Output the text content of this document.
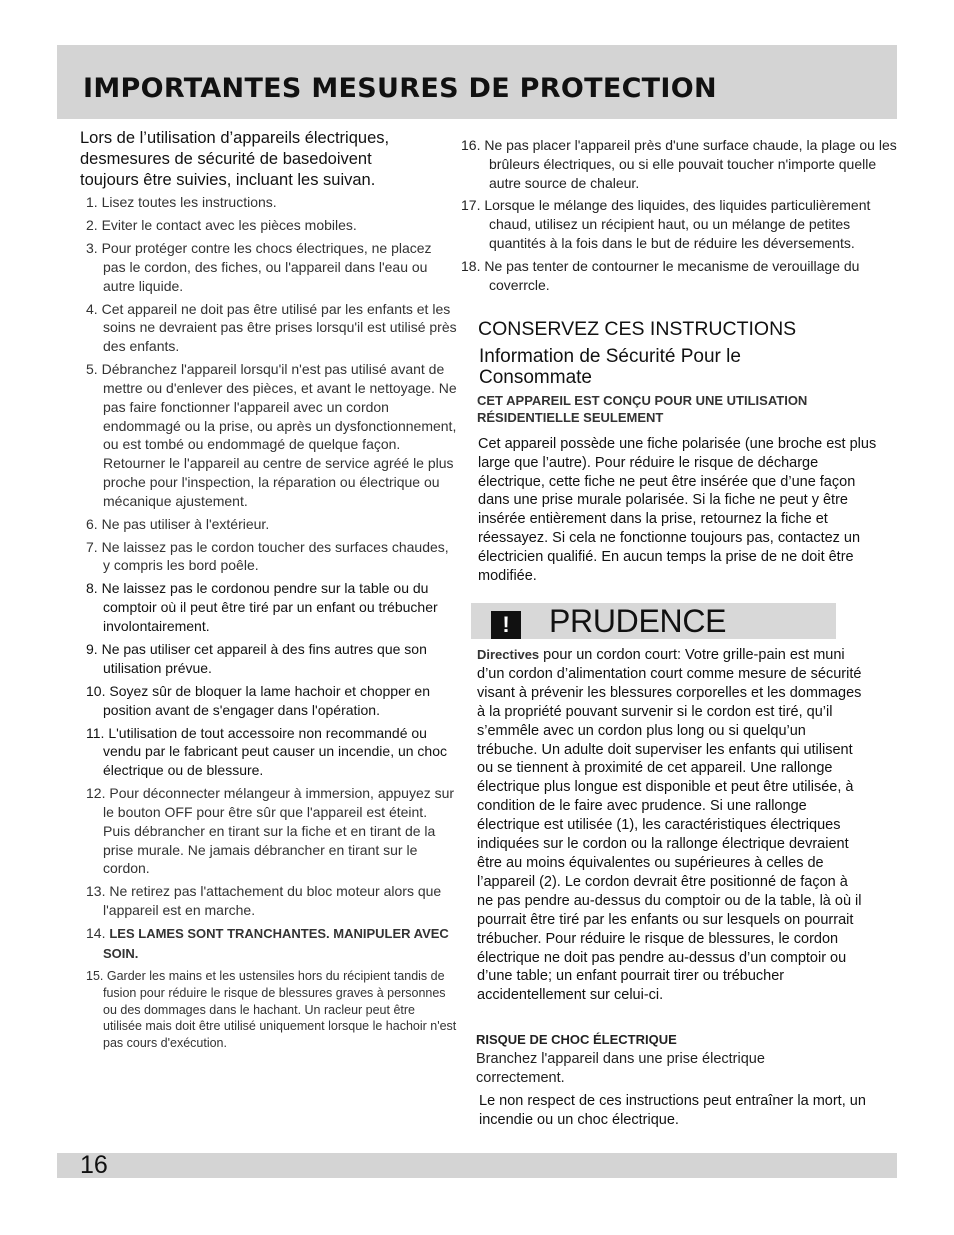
IMPORTANTES MESURES DE PROTECTION

Lors de l’utilisation d’appareils électriques, desmesures de sécurité de basedoivent toujours être suivies, incluant les suivan.

1. Lisez toutes les instructions.
2. Eviter le contact avec les pièces mobiles.
3. Pour protéger contre les chocs électriques, ne placez pas le cordon, des fiches, ou l'appareil dans l'eau ou autre liquide.
4. Cet appareil ne doit pas être utilisé par les enfants et les soins ne devraient pas être prises lorsqu'il est utilisé près des enfants.
5. Débranchez l'appareil lorsqu'il n'est pas utilisé avant de mettre ou d'enlever des pièces, et avant le nettoyage. Ne pas faire fonctionner l'appareil avec un cordon endommagé ou la prise, ou après un dysfonctionnement, ou est tombé ou endommagé de quelque façon. Retourner le l'appareil au centre de service agréé le plus proche pour l'inspection, la réparation ou électrique ou mécanique ajustement.
6. Ne pas utiliser à l'extérieur.
7. Ne laissez pas le cordon toucher des surfaces chaudes, y compris les bord poêle.
8. Ne laissez pas le cordonou pendre sur la table ou du comptoir où il peut être tiré par un enfant ou trébucher involontairement.
9. Ne pas utiliser cet appareil à des fins autres que son utilisation prévue.
10. Soyez sûr de bloquer la lame hachoir et chopper en position avant de s'engager dans l'opération.
11. L'utilisation de tout accessoire non recommandé ou vendu par le fabricant peut causer un incendie, un choc électrique ou de blessure.
12. Pour déconnecter mélangeur à immersion, appuyez sur le bouton OFF pour être sûr que l'appareil est éteint. Puis débrancher en tirant sur la fiche et en tirant de la prise murale. Ne jamais débrancher en tirant sur le cordon.
13. Ne retirez pas l'attachement du bloc moteur alors que l'appareil est en marche.
14. LES LAMES SONT TRANCHANTES. MANIPULER AVEC SOIN.
15. Garder les mains et les ustensiles hors du récipient tandis de fusion pour réduire le risque de blessures graves à personnes ou des dommages dans le hachant. Un racleur peut être utilisée mais doit être utilisé uniquement lorsque le hachoir n'est pas cours d'exécution.
16. Ne pas placer l'appareil près d'une surface chaude, la plage ou les brûleurs électriques, ou si elle pouvait toucher n'importe quelle autre source de chaleur.
17. Lorsque le mélange des liquides, des liquides particulièrement chaud, utilisez un récipient haut, ou un mélange de petites quantités à la fois dans le but de réduire les déversements.
18. Ne pas tenter de contourner le mecanisme de verouillage du coverrcle.
CONSERVEZ CES INSTRUCTIONS
Information de Sécurité Pour le Consommate
CET APPAREIL EST CONÇU POUR UNE UTILISATION RÉSIDENTIELLE SEULEMENT
Cet appareil possède une fiche polarisée (une broche est plus large que l’autre). Pour réduire le risque de décharge électrique, cette fiche ne peut être insérée que d’une façon dans une prise murale polarisée. Si la fiche ne peut y être insérée entièrement dans la prise, retournez la fiche et réessayez. Si cela ne fonctionne toujours pas, contactez un électricien qualifié. En aucun temps la prise de ne doit être modifiée.
!	PRUDENCE
Directives pour un cordon court: Votre grille-pain est muni d’un cordon d’alimentation court comme mesure de sécurité visant à prévenir les blessures corporelles et les dommages à la propriété pouvant survenir si le cordon est tiré, qu’il s’emmêle avec un cordon plus long ou si quelqu’un trébuche. Un adulte doit superviser les enfants qui utilisent ou se tiennent à proximité de cet appareil. Une rallonge électrique plus longue est disponible et peut être utilisée, à condition de le faire avec prudence. Si une rallonge électrique est utilisée (1), les caractéristiques électriques indiquées sur le cordon ou la rallonge électrique devraient être au moins équivalentes ou supérieures à celles de l’appareil (2). Le cordon devrait être positionné de façon à ne pas pendre au-dessus du comptoir ou de la table, là où il pourrait être tiré par les enfants ou sur lesquels on pourrait trébucher. Pour réduire le risque de blessures, le cordon électrique ne doit pas pendre au-dessus d’un comptoir ou d’une table; un enfant pourrait tirer ou trébucher accidentellement sur celui-ci.
RISQUE DE CHOC ÉLECTRIQUE
Branchez l'appareil dans une prise électrique correctement.
Le non respect de ces instructions peut entraîner la mort, un incendie ou un choc électrique.
16
